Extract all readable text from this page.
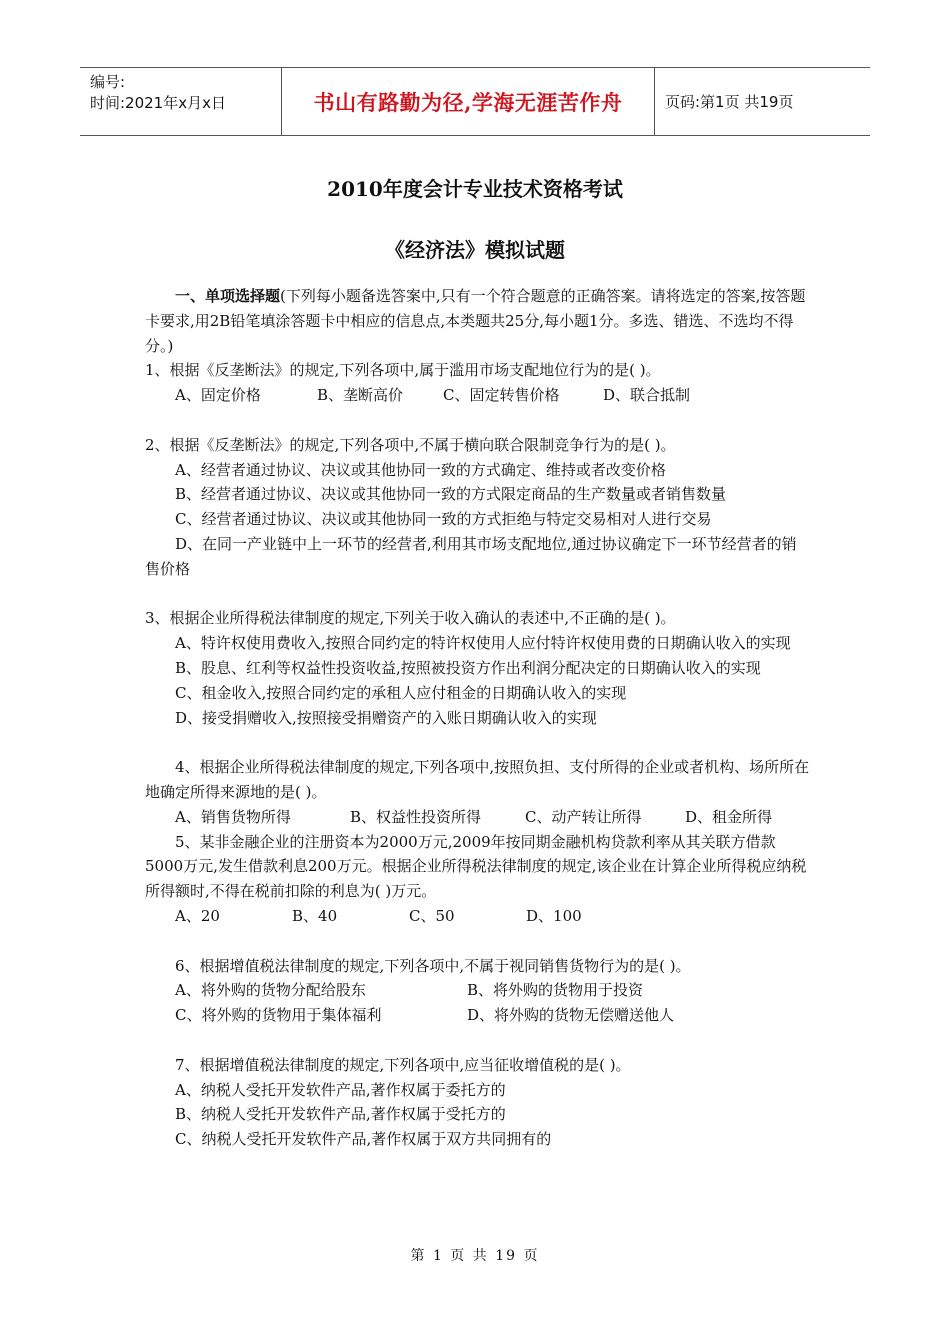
编号:
时间:2021年x月x日	书山有路勤为径,学海无涯苦作舟	页码:第1页 共19页
2010年度会计专业技术资格考试
《经济法》模拟试题

一、单项选择题(下列每小题备选答案中,只有一个符合题意的正确答案。请将选定的答案,按答题卡要求,用2B铅笔填涂答题卡中相应的信息点,本类题共25分,每小题1分。多选、错选、不选均不得分。)

1、根据《反垄断法》的规定,下列各项中,属于滥用市场支配地位行为的是( )。

A、固定价格	B、垄断高价	C、固定转售价格	D、联合抵制

2、根据《反垄断法》的规定,下列各项中,不属于横向联合限制竞争行为的是( )。

A、经营者通过协议、决议或其他协同一致的方式确定、维持或者改变价格

B、经营者通过协议、决议或其他协同一致的方式限定商品的生产数量或者销售数量

C、经营者通过协议、决议或其他协同一致的方式拒绝与特定交易相对人进行交易

D、在同一产业链中上一环节的经营者,利用其市场支配地位,通过协议确定下一环节经营者的销售价格

3、根据企业所得税法律制度的规定,下列关于收入确认的表述中,不正确的是( )。

A、特许权使用费收入,按照合同约定的特许权使用人应付特许权使用费的日期确认收入的实现

B、股息、红利等权益性投资收益,按照被投资方作出利润分配决定的日期确认收入的实现

C、租金收入,按照合同约定的承租人应付租金的日期确认收入的实现

D、接受捐赠收入,按照接受捐赠资产的入账日期确认收入的实现

4、根据企业所得税法律制度的规定,下列各项中,按照负担、支付所得的企业或者机构、场所所在地确定所得来源地的是( )。

A、销售货物所得	B、权益性投资所得	C、动产转让所得	D、租金所得

5、某非金融企业的注册资本为2000万元,2009年按同期金融机构贷款利率从其关联方借款5000万元,发生借款利息200万元。根据企业所得税法律制度的规定,该企业在计算企业所得税应纳税所得额时,不得在税前扣除的利息为( )万元。

A、20	B、40	C、50	D、100

6、根据增值税法律制度的规定,下列各项中,不属于视同销售货物行为的是( )。

A、将外购的货物分配给股东	B、将外购的货物用于投资
C、将外购的货物用于集体福利	D、将外购的货物无偿赠送他人

7、根据增值税法律制度的规定,下列各项中,应当征收增值税的是( )。

A、纳税人受托开发软件产品,著作权属于委托方的

B、纳税人受托开发软件产品,著作权属于受托方的

C、纳税人受托开发软件产品,著作权属于双方共同拥有的

第 1 页 共 19 页
